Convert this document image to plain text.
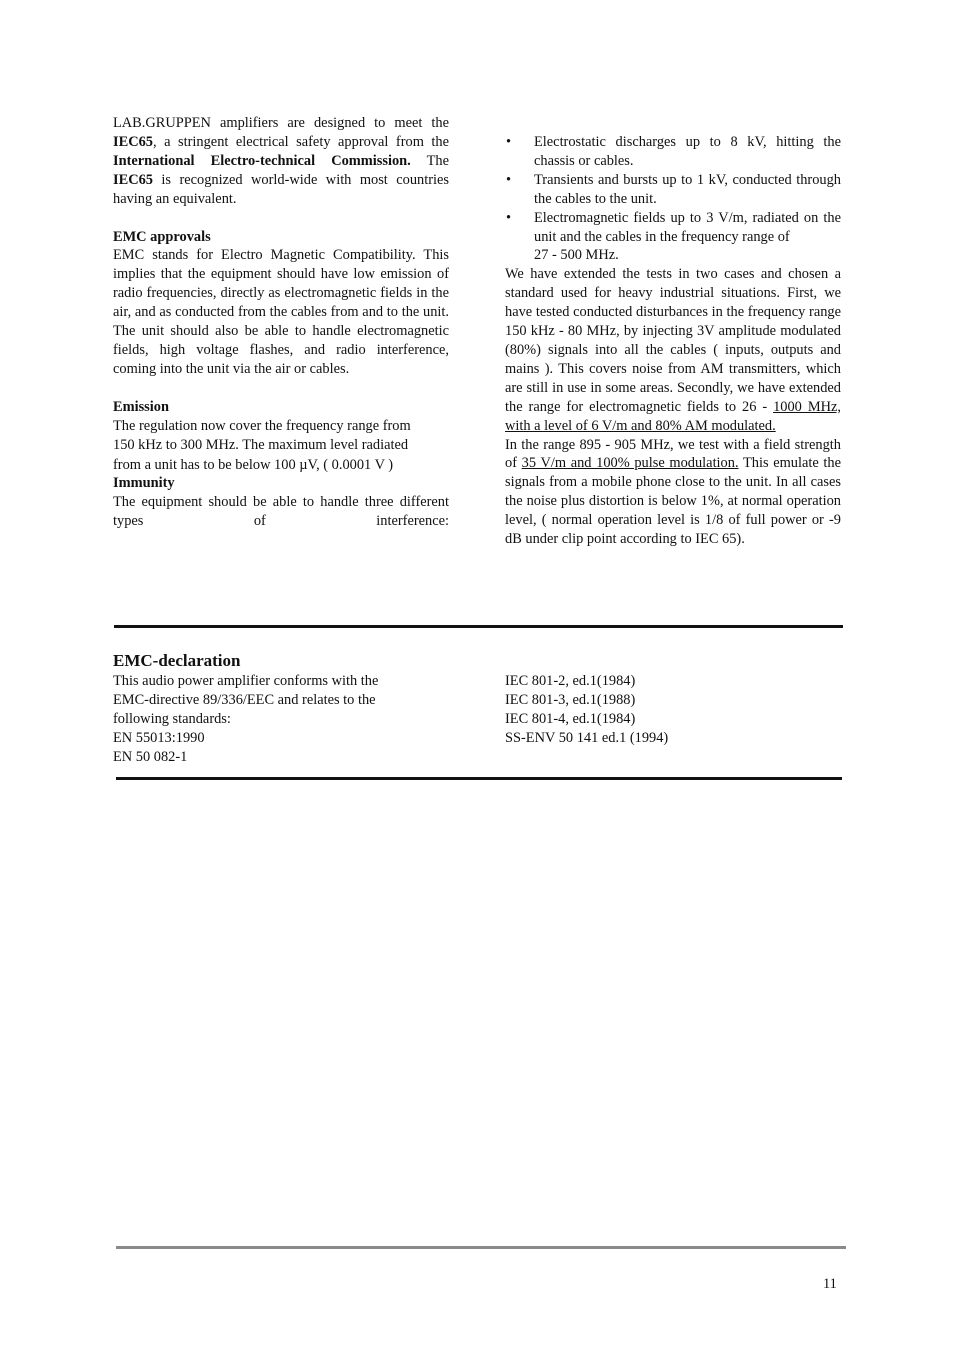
LAB.GRUPPEN amplifiers are designed to meet the IEC65, a stringent electrical safety approval from the International Electro-technical Commission. The IEC65 is recognized world-wide with most countries having an equivalent.

EMC approvals

EMC stands for Electro Magnetic Compatibility. This implies that the equipment should have low emission of radio frequencies, directly as electromagnetic fields in the air, and as conducted from the cables from and to the unit. The unit should also be able to handle electromagnetic fields, high voltage flashes, and radio interference, coming into the unit via the air or cables.

Emission

The regulation now cover the frequency range from

150 kHz to 300 MHz. The maximum level radiated

from a unit has to be below 100 µV, ( 0.0001 V )

Immunity

The equipment should be able to handle three different types of interference:

• Electrostatic discharges up to 8 kV, hitting the chassis or cables.
• Transients and bursts up to 1 kV, conducted through the cables to the unit.
• Electromagnetic fields up to 3 V/m, radiated on the unit and the cables in the frequency range of
27 - 500 MHz.

We have extended the tests in two cases and chosen a standard used for heavy industrial situations. First, we have tested conducted disturbances in the frequency range 150 kHz - 80 MHz, by injecting 3V amplitude modulated (80%) signals into all the cables ( inputs, outputs and mains ). This covers noise from AM transmitters, which are still in use in some areas. Secondly, we have extended the range for electromagnetic fields to 26 - 1000 MHz, with a level of 6 V/m and 80% AM modulated.

In the range 895 - 905 MHz, we test with a field strength of 35 V/m and 100% pulse modulation. This emulate the signals from a mobile phone close to the unit. In all cases the noise plus distortion is below 1%, at normal operation level, ( normal operation level is 1/8 of full power or -9 dB under clip point according to IEC 65).

EMC-declaration

This audio power amplifier conforms with the

EMC-directive 89/336/EEC and relates to the

following standards:

EN 55013:1990

EN 50 082-1

IEC 801-2, ed.1(1984)

IEC 801-3, ed.1(1988)

IEC 801-4, ed.1(1984)

SS-ENV 50 141 ed.1 (1994)

11
